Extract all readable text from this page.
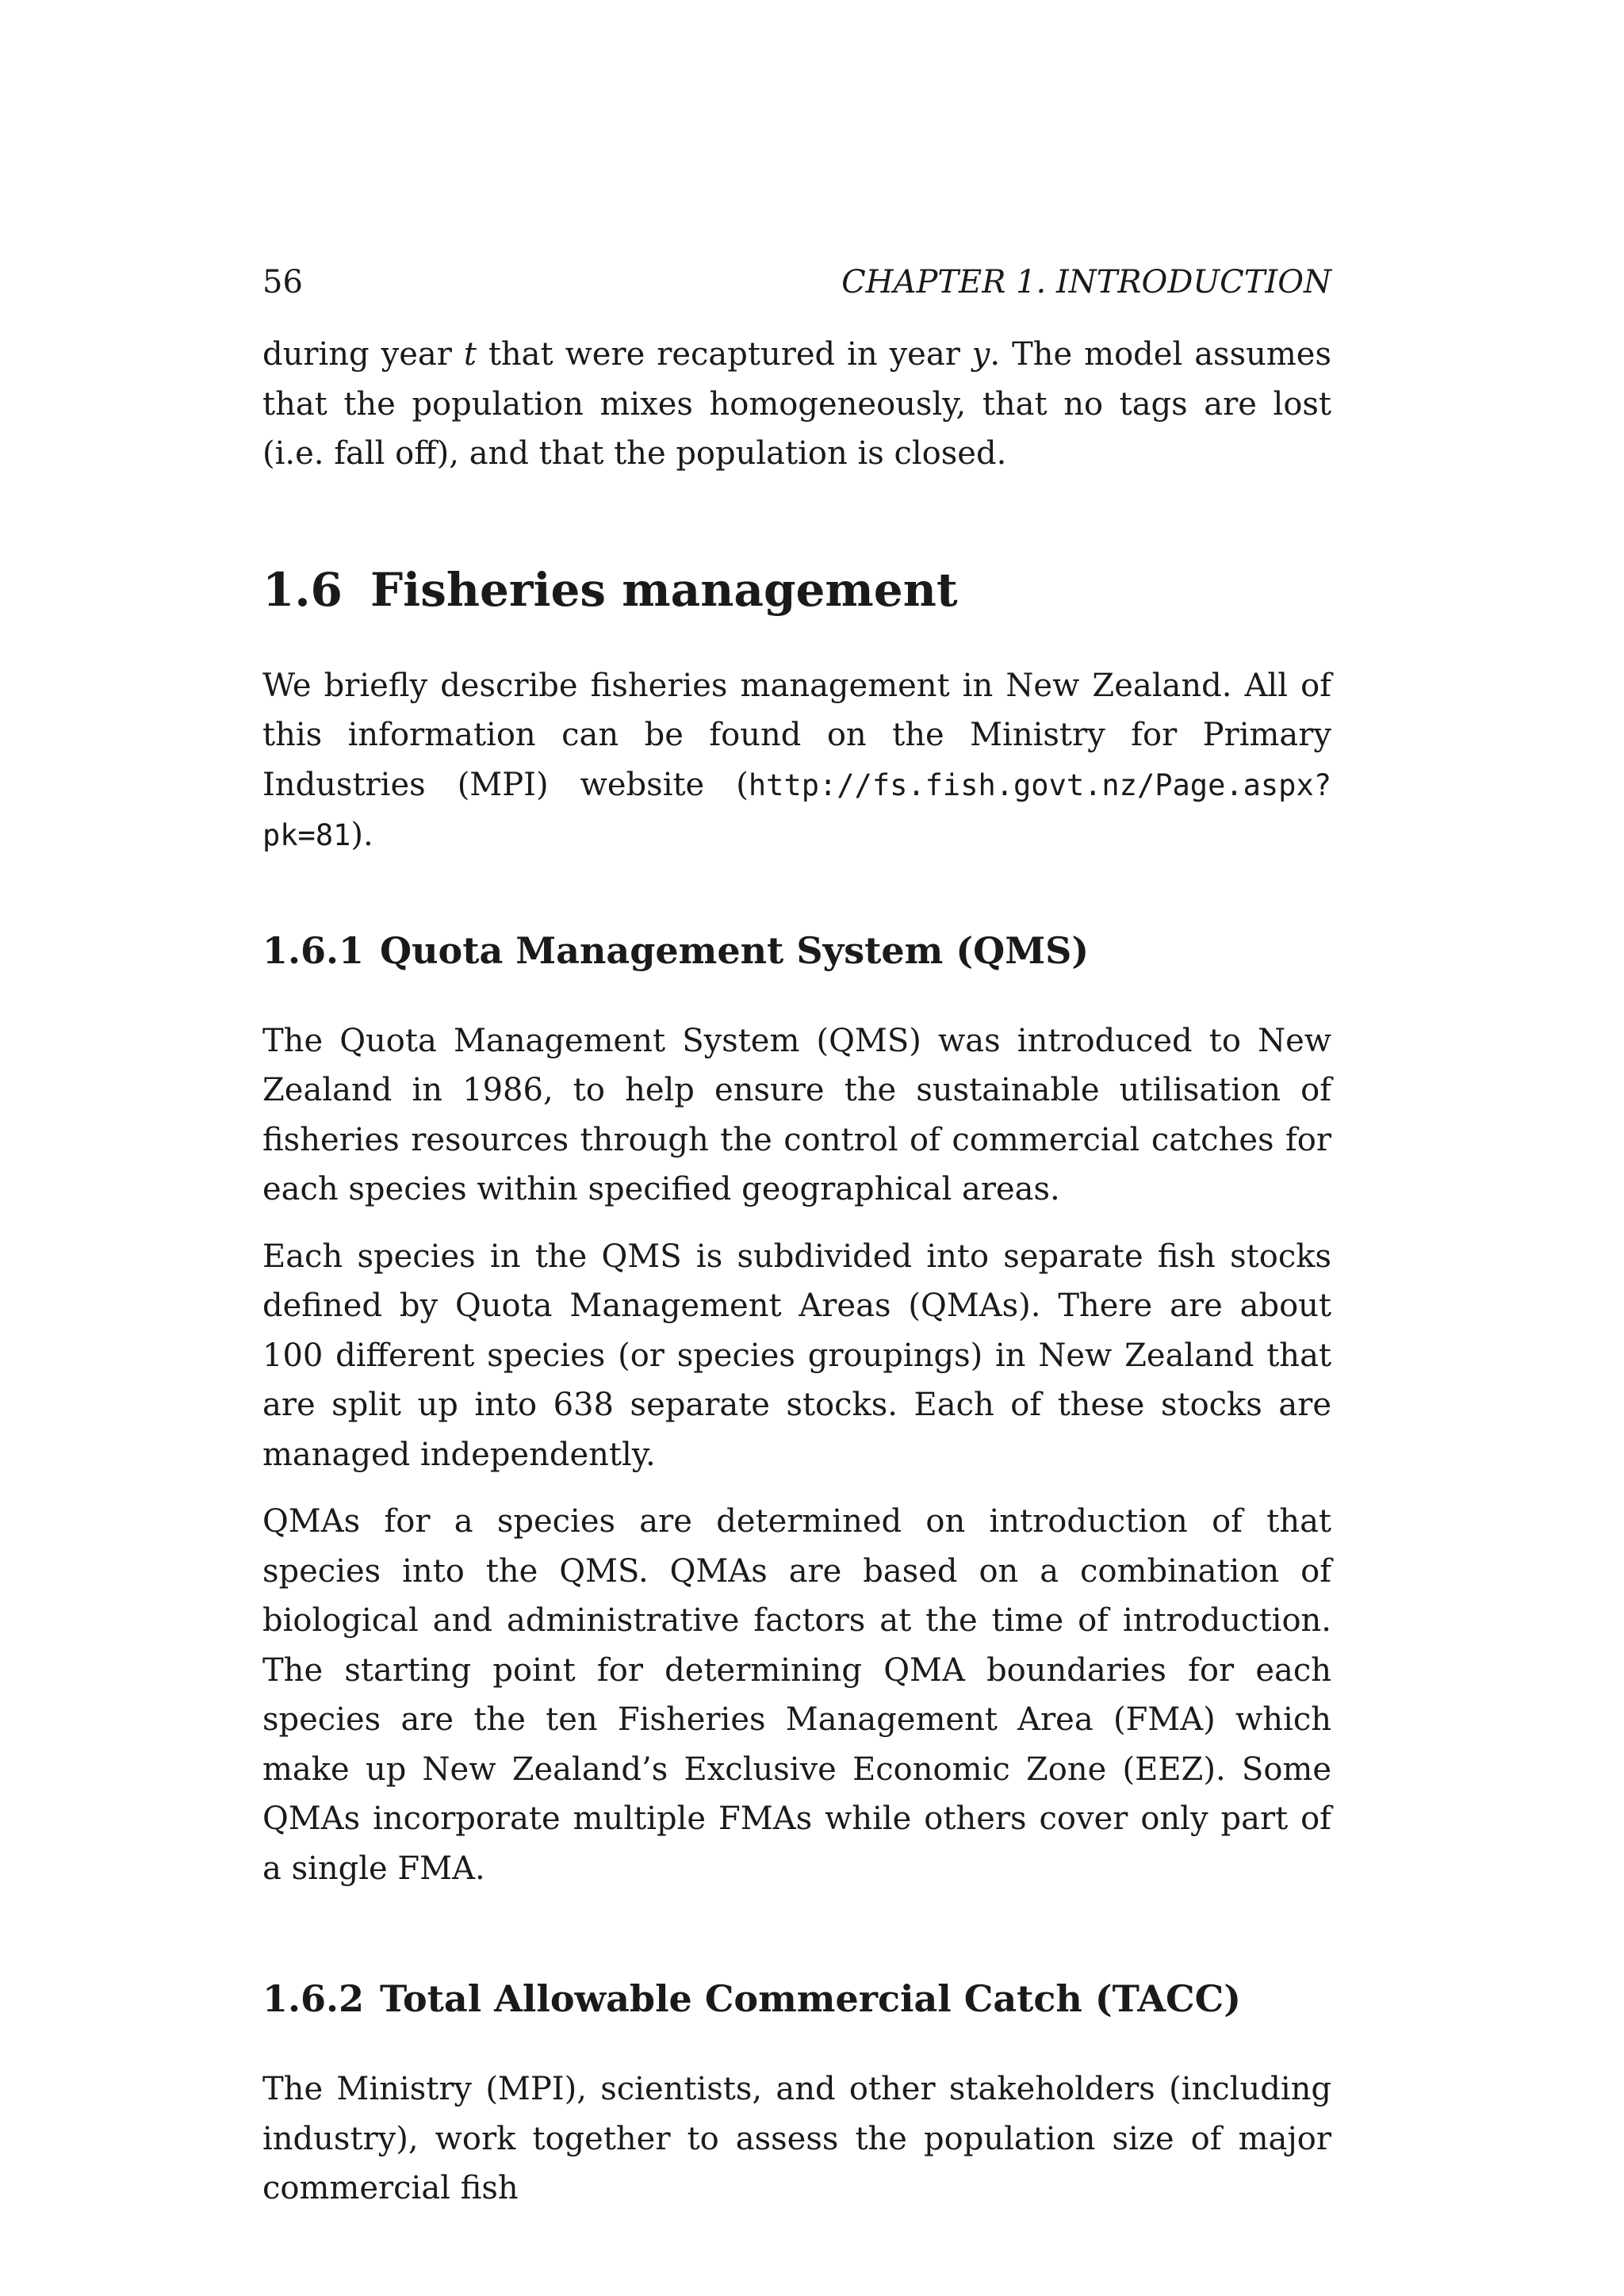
56	CHAPTER 1. INTRODUCTION

during year t that were recaptured in year y. The model assumes that the population mixes homogeneously, that no tags are lost (i.e. fall off), and that the population is closed.

1.6 Fisheries management

We briefly describe fisheries management in New Zealand. All of this information can be found on the Ministry for Primary Industries (MPI) website (http://fs.fish.govt.nz/Page.aspx?pk=81).

1.6.1 Quota Management System (QMS)

The Quota Management System (QMS) was introduced to New Zealand in 1986, to help ensure the sustainable utilisation of fisheries resources through the control of commercial catches for each species within specified geographical areas.

Each species in the QMS is subdivided into separate fish stocks defined by Quota Management Areas (QMAs). There are about 100 different species (or species groupings) in New Zealand that are split up into 638 separate stocks. Each of these stocks are managed independently.

QMAs for a species are determined on introduction of that species into the QMS. QMAs are based on a combination of biological and administrative factors at the time of introduction. The starting point for determining QMA boundaries for each species are the ten Fisheries Management Area (FMA) which make up New Zealand’s Exclusive Economic Zone (EEZ). Some QMAs incorporate multiple FMAs while others cover only part of a single FMA.

1.6.2 Total Allowable Commercial Catch (TACC)

The Ministry (MPI), scientists, and other stakeholders (including industry), work together to assess the population size of major commercial fish
